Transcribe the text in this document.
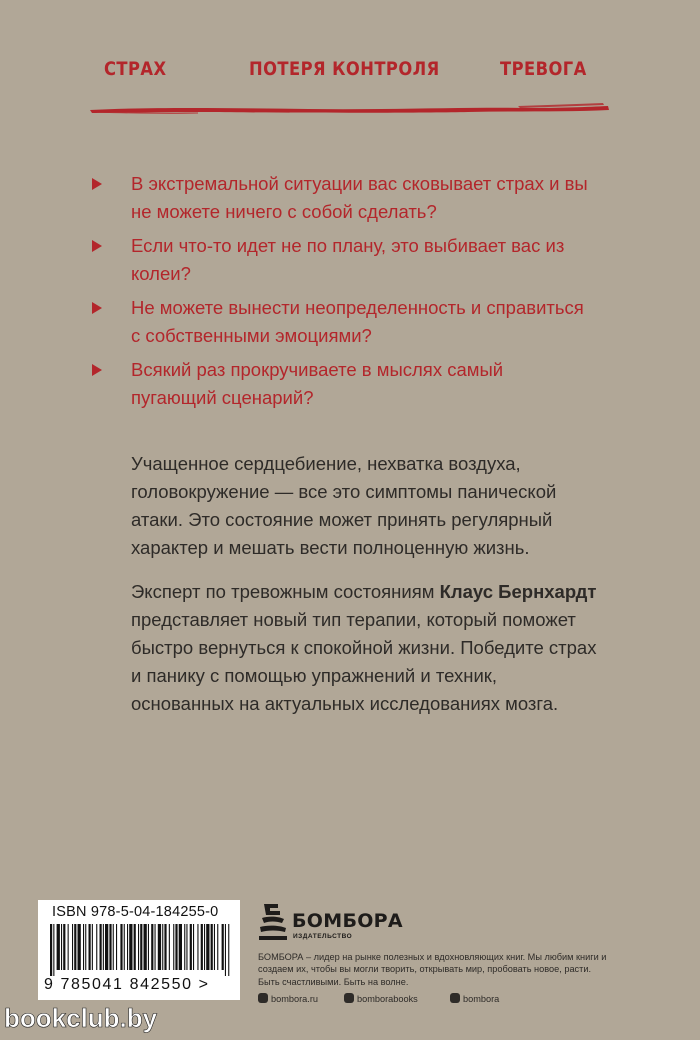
СТРАХ	ПОТЕРЯ КОНТРОЛЯ	ТРЕВОГА
В экстремальной ситуации вас сковывает страх и вы не можете ничего с собой сделать?
Если что-то идет не по плану, это выбивает вас из колеи?
Не можете вынести неопределенность и справиться с собственными эмоциями?
Всякий раз прокручиваете в мыслях самый пугающий сценарий?
Учащенное сердцебиение, нехватка воздуха, головокружение — все это симптомы панической атаки. Это состояние может принять регулярный характер и мешать вести полноценную жизнь.
Эксперт по тревожным состояниям Клаус Бернхардт представляет новый тип терапии, который поможет быстро вернуться к спокойной жизни. Победите страх и панику с помощью упражнений и техник, основанных на актуальных исследованиях мозга.
ISBN 978-5-04-184255-0
9 785041 842550 >
БОМБОРА
ИЗДАТЕЛЬСТВО
БОМБОРА – лидер на рынке полезных и вдохновляющих книг. Мы любим книги и создаем их, чтобы вы могли творить, открывать мир, пробовать новое, расти. Быть счастливыми. Быть на волне.
bombora.ru	bomborabooks	bombora
bookclub.by
